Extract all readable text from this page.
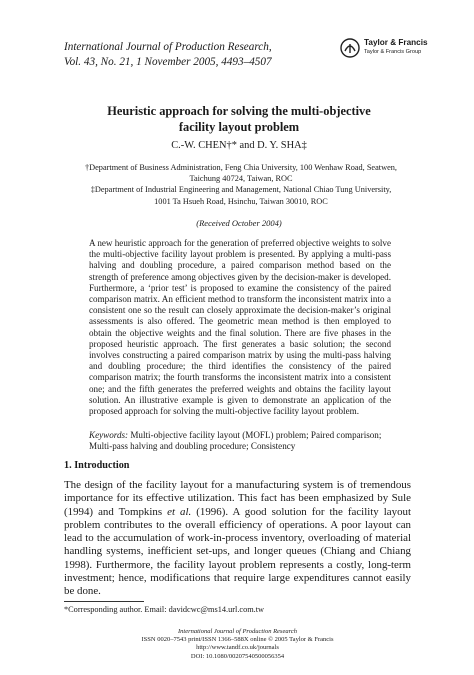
International Journal of Production Research,
Vol. 43, No. 21, 1 November 2005, 4493–4507
Taylor & Francis
Taylor & Francis Group
Heuristic approach for solving the multi-objective
facility layout problem
C.-W. CHEN†* and D. Y. SHA‡
†Department of Business Administration, Feng Chia University, 100 Wenhaw Road, Seatwen,
Taichung 40724, Taiwan, ROC
‡Department of Industrial Engineering and Management, National Chiao Tung University,
1001 Ta Hsueh Road, Hsinchu, Taiwan 30010, ROC
(Received October 2004)
A new heuristic approach for the generation of preferred objective weights to solve the multi-objective facility layout problem is presented. By applying a multi-pass halving and doubling procedure, a paired comparison method based on the strength of preference among objectives given by the decision-maker is developed. Furthermore, a ‘prior test’ is proposed to examine the consistency of the paired comparison matrix. An efficient method to transform the inconsistent matrix into a consistent one so the result can closely approximate the decision-maker’s original assessments is also offered. The geometric mean method is then employed to obtain the objective weights and the final solution. There are five phases in the proposed heuristic approach. The first generates a basic solution; the second involves constructing a paired comparison matrix by using the multi-pass halving and doubling procedure; the third identifies the consistency of the paired comparison matrix; the fourth transforms the inconsistent matrix into a consistent one; and the fifth generates the preferred weights and obtains the facility layout solution. An illustrative example is given to demonstrate an application of the proposed approach for solving the multi-objective facility layout problem.
Keywords: Multi-objective facility layout (MOFL) problem; Paired comparison; Multi-pass halving and doubling procedure; Consistency
1. Introduction
The design of the facility layout for a manufacturing system is of tremendous importance for its effective utilization. This fact has been emphasized by Sule (1994) and Tompkins et al. (1996). A good solution for the facility layout problem contributes to the overall efficiency of operations. A poor layout can lead to the accumulation of work-in-process inventory, overloading of material handling systems, inefficient set-ups, and longer queues (Chiang and Chiang 1998). Furthermore, the facility layout problem represents a costly, long-term investment; hence, modifications that require large expenditures cannot easily be done.
*Corresponding author. Email: davidcwc@ms14.url.com.tw
International Journal of Production Research
ISSN 0020–7543 print/ISSN 1366–588X online © 2005 Taylor & Francis
http://www.tandf.co.uk/journals
DOI: 10.1080/00207540500056354
